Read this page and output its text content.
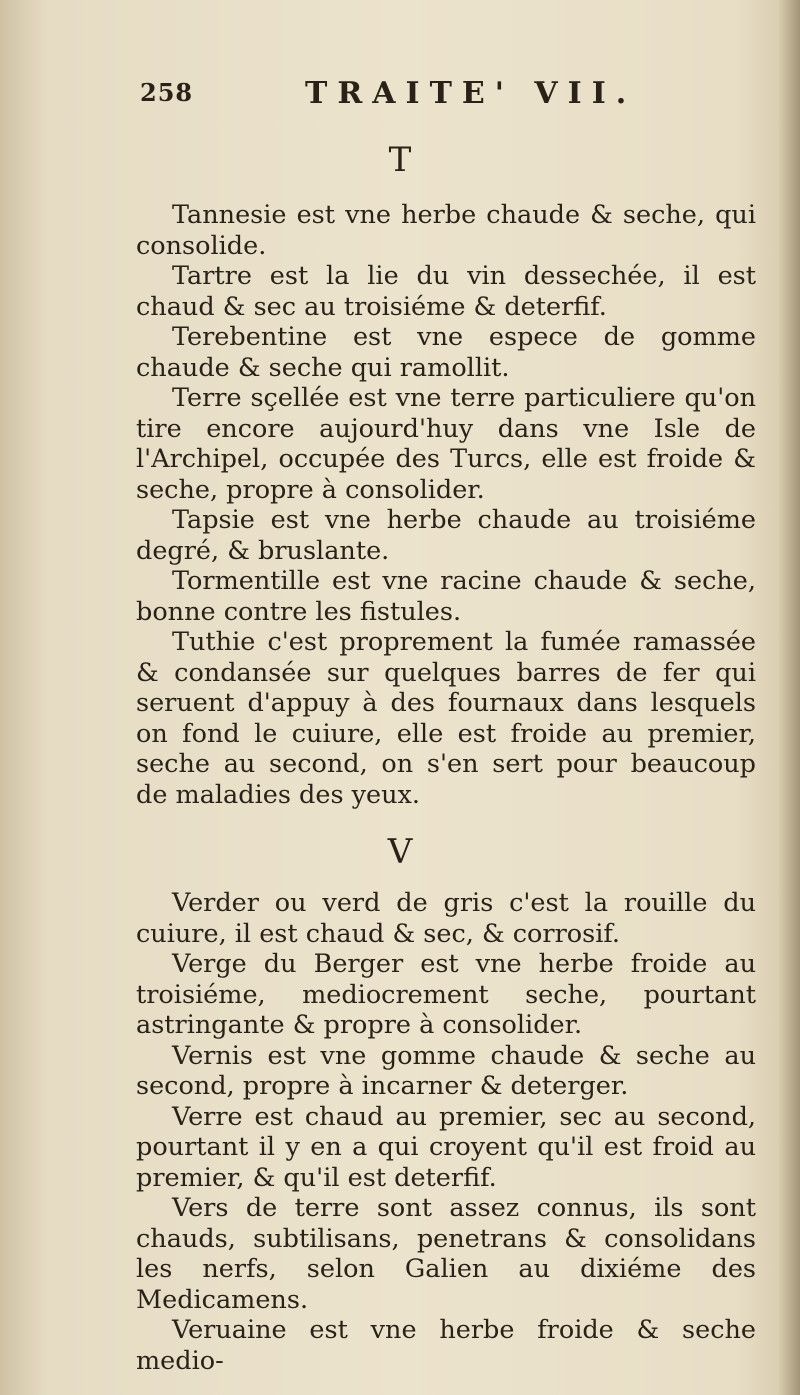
258	TRAITE' VII.
T

Tannesie est vne herbe chaude & seche, qui consolide.

Tartre est la lie du vin dessechée, il est chaud & sec au troisiéme & deterfif.

Terebentine est vne espece de gomme chaude & seche qui ramollit.

Terre sçellée est vne terre particuliere qu'on tire encore aujourd'huy dans vne Isle de l'Archipel, occupée des Turcs, elle est froide & seche, propre à consolider.

Tapsie est vne herbe chaude au troisiéme degré, & bruslante.

Tormentille est vne racine chaude & seche, bonne contre les fistules.

Tuthie c'est proprement la fumée ramassée & condansée sur quelques barres de fer qui seruent d'appuy à des fournaux dans lesquels on fond le cuiure, elle est froide au premier, seche au second, on s'en sert pour beaucoup de maladies des yeux.

V

Verder ou verd de gris c'est la rouille du cuiure, il est chaud & sec, & corrosif.

Verge du Berger est vne herbe froide au troisiéme, mediocrement seche, pourtant astringante & propre à consolider.

Vernis est vne gomme chaude & seche au second, propre à incarner & deterger.

Verre est chaud au premier, sec au second, pourtant il y en a qui croyent qu'il est froid au premier, & qu'il est deterfif.

Vers de terre sont assez connus, ils sont chauds, subtilisans, penetrans & consolidans les nerfs, selon Galien au dixiéme des Medicamens.

Veruaine est vne herbe froide & seche medio-
